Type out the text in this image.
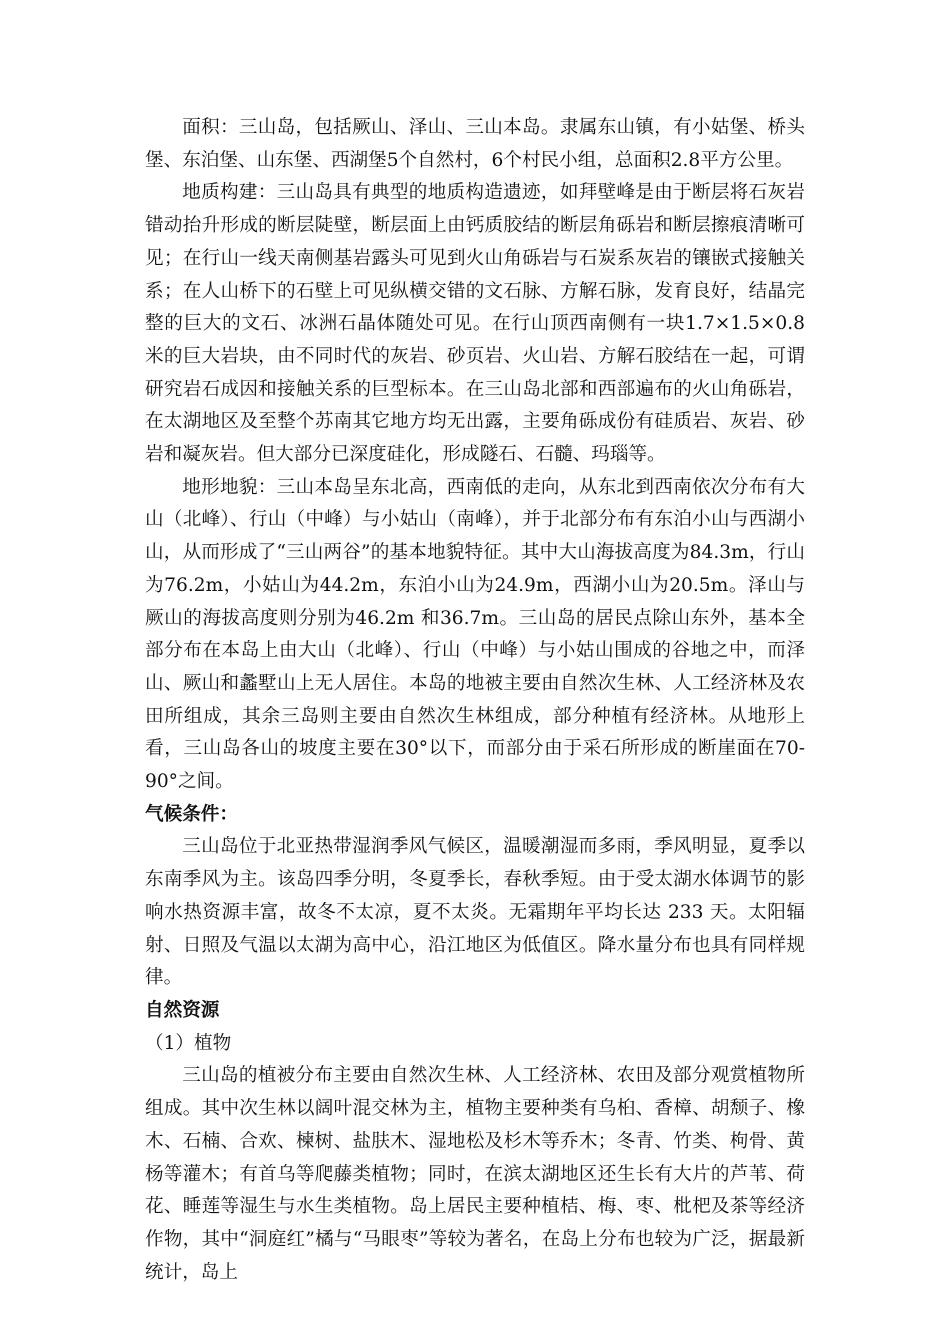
面积：三山岛，包括厥山、泽山、三山本岛。隶属东山镇，有小姑堡、桥头堡、东泊堡、山东堡、西湖堡5个自然村，6个村民小组，总面积2.8平方公里。

地质构建：三山岛具有典型的地质构造遗迹，如拜壁峰是由于断层将石灰岩错动抬升形成的断层陡壁，断层面上由钙质胶结的断层角砾岩和断层擦痕清晰可见；在行山一线天南侧基岩露头可见到火山角砾岩与石炭系灰岩的镶嵌式接触关系；在人山桥下的石壁上可见纵横交错的文石脉、方解石脉，发育良好，结晶完整的巨大的文石、冰洲石晶体随处可见。在行山顶西南侧有一块1.7×1.5×0.8 米的巨大岩块，由不同时代的灰岩、砂页岩、火山岩、方解石胶结在一起，可谓研究岩石成因和接触关系的巨型标本。在三山岛北部和西部遍布的火山角砾岩，在太湖地区及至整个苏南其它地方均无出露，主要角砾成份有硅质岩、灰岩、砂岩和凝灰岩。但大部分已深度硅化，形成隧石、石髓、玛瑙等。

地形地貌：三山本岛呈东北高，西南低的走向，从东北到西南依次分布有大山（北峰）、行山（中峰）与小姑山（南峰），并于北部分布有东泊小山与西湖小山，从而形成了“三山两谷”的基本地貌特征。其中大山海拔高度为84.3m，行山为76.2m，小姑山为44.2m，东泊小山为24.9m，西湖小山为20.5m。泽山与厥山的海拔高度则分别为46.2m 和36.7m。三山岛的居民点除山东外，基本全部分布在本岛上由大山（北峰）、行山（中峰）与小姑山围成的谷地之中，而泽山、厥山和蠡墅山上无人居住。本岛的地被主要由自然次生林、人工经济林及农田所组成，其余三岛则主要由自然次生林组成，部分种植有经济林。从地形上看，三山岛各山的坡度主要在30°以下，而部分由于采石所形成的断崖面在70-90°之间。

气候条件：

三山岛位于北亚热带湿润季风气候区，温暖潮湿而多雨，季风明显，夏季以东南季风为主。该岛四季分明，冬夏季长，春秋季短。由于受太湖水体调节的影响水热资源丰富，故冬不太凉，夏不太炎。无霜期年平均长达 233 天。太阳辐射、日照及气温以太湖为高中心，沿江地区为低值区。降水量分布也具有同样规律。

自然资源

（1）植物

三山岛的植被分布主要由自然次生林、人工经济林、农田及部分观赏植物所组成。其中次生林以阔叶混交林为主，植物主要种类有乌桕、香樟、胡颓子、橡木、石楠、合欢、楝树、盐肤木、湿地松及杉木等乔木；冬青、竹类、枸骨、黄杨等灌木；有首乌等爬藤类植物；同时，在滨太湖地区还生长有大片的芦苇、荷花、睡莲等湿生与水生类植物。岛上居民主要种植桔、梅、枣、枇杷及茶等经济作物，其中“洞庭红”橘与“马眼枣”等较为著名，在岛上分布也较为广泛，据最新统计，岛上
